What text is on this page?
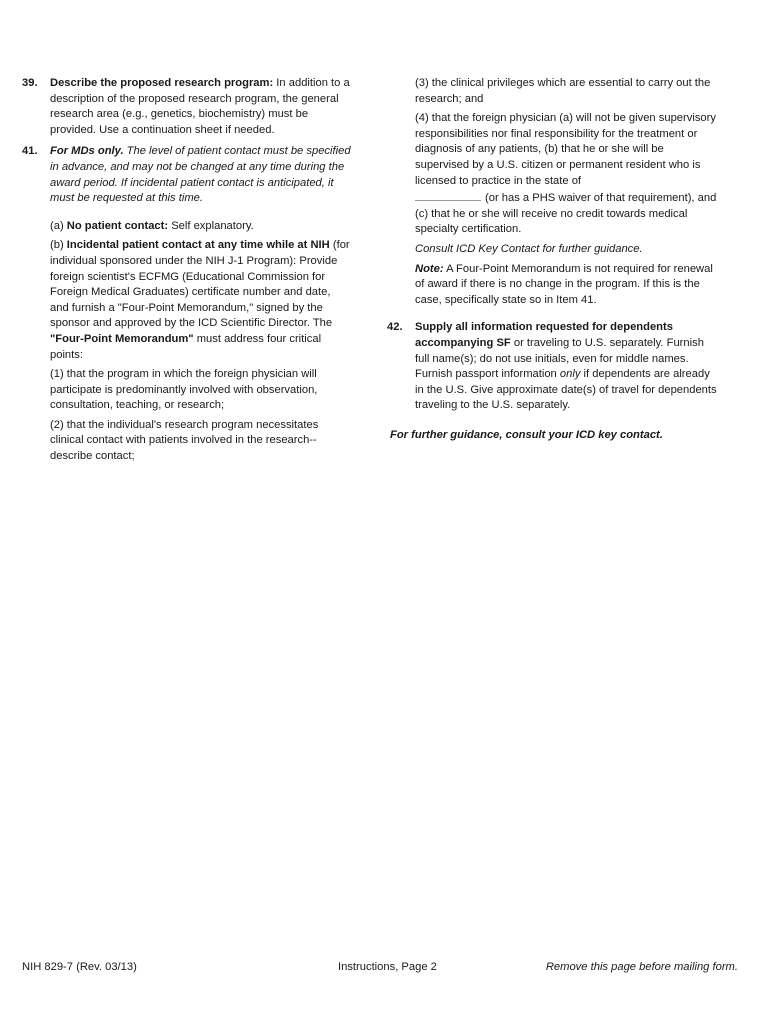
39. Describe the proposed research program: In addition to a description of the proposed research program, the general research area (e.g., genetics, biochemistry) must be provided. Use a continuation sheet if needed.

41. For MDs only. The level of patient contact must be specified in advance, and may not be changed at any time during the award period. If incidental patient contact is anticipated, it must be requested at this time.

(a) No patient contact: Self explanatory.

(b) Incidental patient contact at any time while at NIH (for individual sponsored under the NIH J-1 Program): Provide foreign scientist's ECFMG (Educational Commission for Foreign Medical Graduates) certificate number and date, and furnish a "Four-Point Memorandum," signed by the sponsor and approved by the ICD Scientific Director. The "Four-Point Memorandum" must address four critical points:

(1) that the program in which the foreign physician will participate is predominantly involved with observation, consultation, teaching, or research;

(2) that the individual's research program necessitates clinical contact with patients involved in the research--describe contact;

(3) the clinical privileges which are essential to carry out the research; and

(4) that the foreign physician (a) will not be given supervisory responsibilities nor final responsibility for the treatment or diagnosis of any patients, (b) that he or she will be supervised by a U.S. citizen or permanent resident who is licensed to practice in the state of
(or has a PHS waiver of that requirement), and (c) that he or she will receive no credit towards medical specialty certification.

Consult ICD Key Contact for further guidance.

Note: A Four-Point Memorandum is not required for renewal of award if there is no change in the program. If this is the case, specifically state so in Item 41.

42. Supply all information requested for dependents accompanying SF or traveling to U.S. separately. Furnish full name(s); do not use initials, even for middle names. Furnish passport information only if dependents are already in the U.S. Give approximate date(s) of travel for dependents traveling to the U.S. separately.

For further guidance, consult your ICD key contact.

NIH 829-7 (Rev. 03/13)	Instructions, Page 2	Remove this page before mailing form.
